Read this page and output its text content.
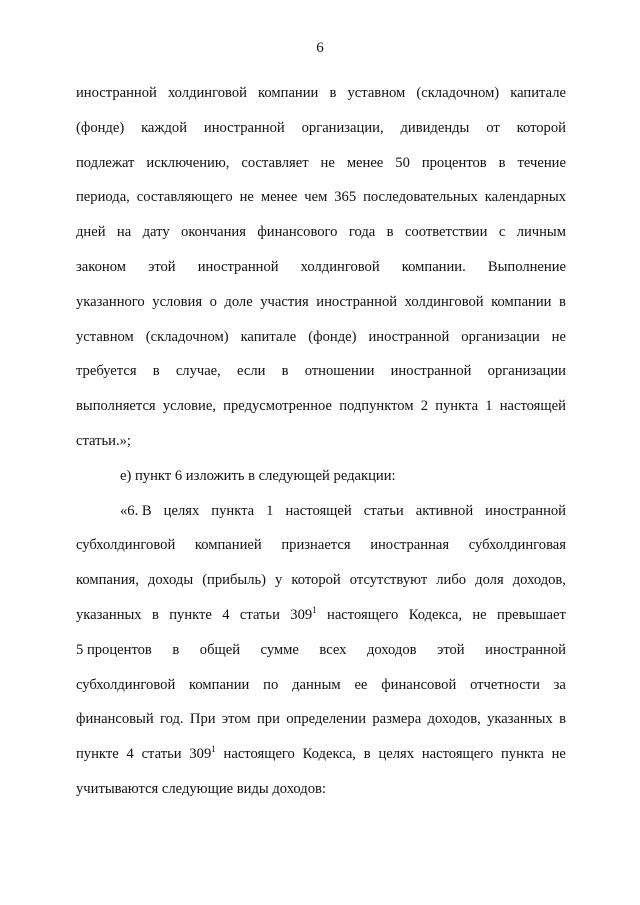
6
иностранной холдинговой компании в уставном (складочном) капитале
(фонде) каждой иностранной организации, дивиденды от которой
подлежат исключению, составляет не менее 50 процентов в течение
периода, составляющего не менее чем 365 последовательных календарных
дней на дату окончания финансового года в соответствии с личным
законом этой иностранной холдинговой компании. Выполнение
указанного условия о доле участия иностранной холдинговой компании в
уставном (складочном) капитале (фонде) иностранной организации не
требуется в случае, если в отношении иностранной организации
выполняется условие, предусмотренное подпунктом 2 пункта 1 настоящей
статьи.»;
е) пункт 6 изложить в следующей редакции:
«6. В целях пункта 1 настоящей статьи активной иностранной
субхолдинговой компанией признается иностранная субхолдинговая
компания, доходы (прибыль) у которой отсутствуют либо доля доходов,
указанных в пункте 4 статьи $309^1$ настоящего Кодекса, не превышает
5 процентов в общей сумме всех доходов этой иностранной
субхолдинговой компании по данным ее финансовой отчетности за
финансовый год. При этом при определении размера доходов, указанных в
пункте 4 статьи $309^1$ настоящего Кодекса, в целях настоящего пункта не
учитываются следующие виды доходов:
